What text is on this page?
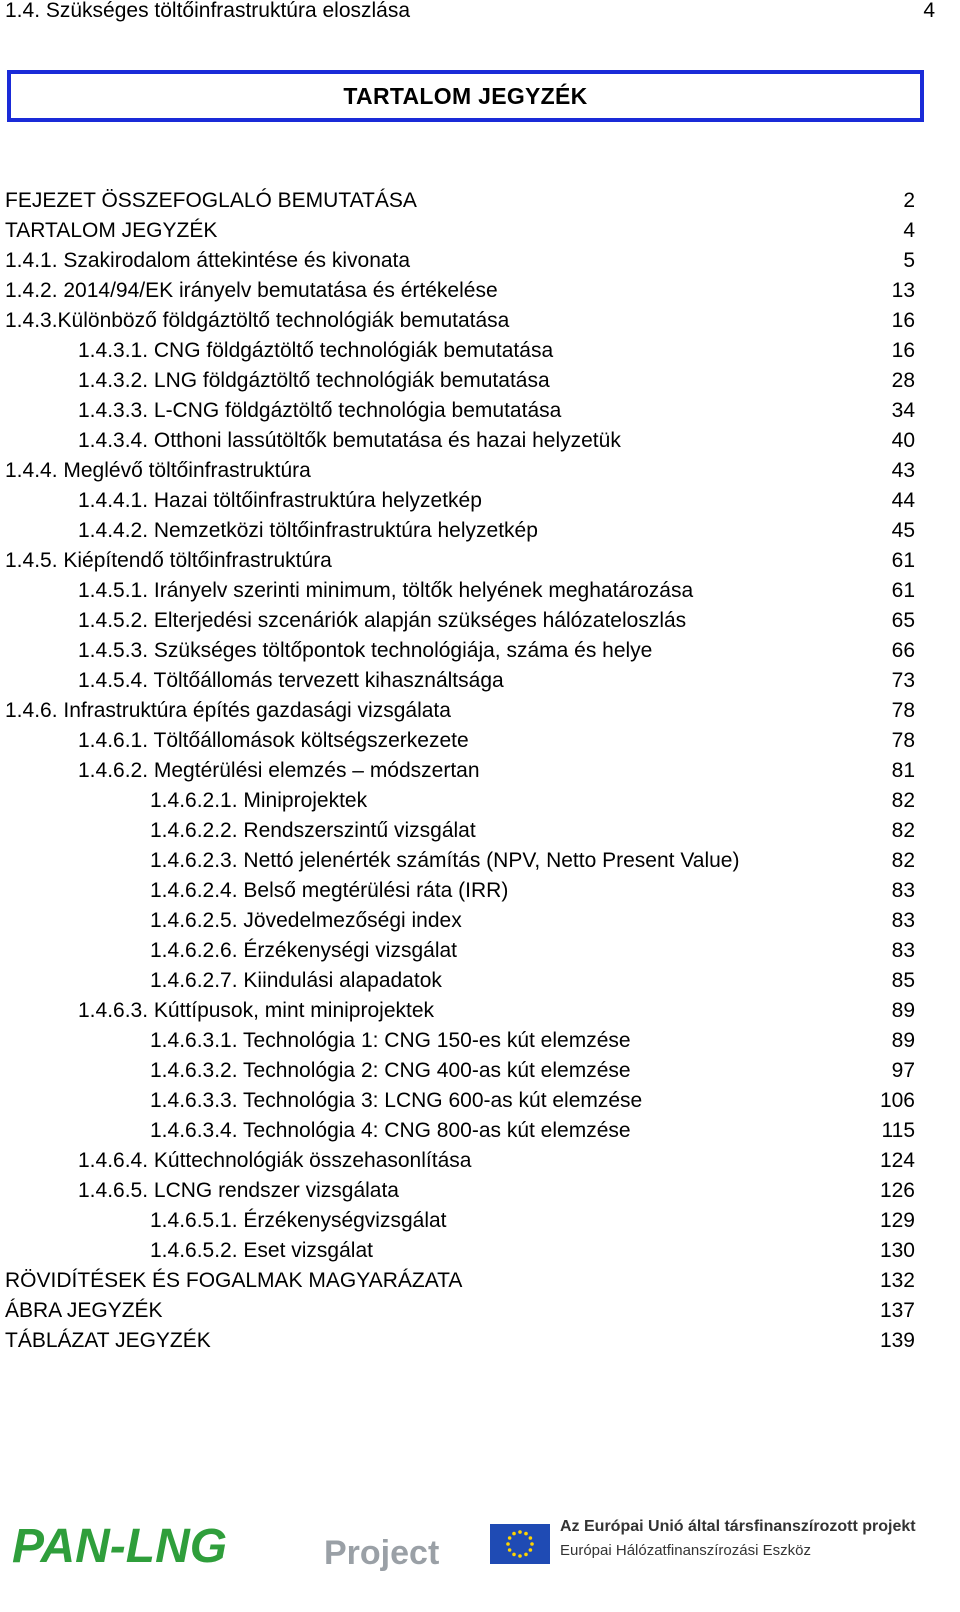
1.4. Szükséges töltőinfrastruktúra eloszlása	4
TARTALOM JEGYZÉK
FEJEZET ÖSSZEFOGLALÓ BEMUTATÁSA	2
TARTALOM JEGYZÉK	4
1.4.1. Szakirodalom áttekintése és kivonata	5
1.4.2. 2014/94/EK irányelv bemutatása és értékelése	13
1.4.3.Különböző földgáztöltő technológiák bemutatása	16
1.4.3.1. CNG földgáztöltő technológiák bemutatása	16
1.4.3.2. LNG földgáztöltő technológiák bemutatása	28
1.4.3.3. L-CNG földgáztöltő technológia bemutatása	34
1.4.3.4. Otthoni lassútöltők bemutatása és hazai helyzetük	40
1.4.4. Meglévő töltőinfrastruktúra	43
1.4.4.1. Hazai töltőinfrastruktúra helyzetkép	44
1.4.4.2. Nemzetközi töltőinfrastruktúra helyzetkép	45
1.4.5. Kiépítendő töltőinfrastruktúra	61
1.4.5.1. Irányelv szerinti minimum, töltők helyének meghatározása	61
1.4.5.2. Elterjedési szcenáriók alapján szükséges hálózateloszlás	65
1.4.5.3. Szükséges töltőpontok technológiája, száma és helye	66
1.4.5.4. Töltőállomás tervezett kihasználtsága	73
1.4.6. Infrastruktúra építés gazdasági vizsgálata	78
1.4.6.1. Töltőállomások költségszerkezete	78
1.4.6.2. Megtérülési elemzés – módszertan	81
1.4.6.2.1. Miniprojektek	82
1.4.6.2.2. Rendszerszintű vizsgálat	82
1.4.6.2.3. Nettó jelenérték számítás (NPV, Netto Present Value)	82
1.4.6.2.4. Belső megtérülési ráta (IRR)	83
1.4.6.2.5. Jövedelmezőségi index	83
1.4.6.2.6. Érzékenységi vizsgálat	83
1.4.6.2.7. Kiindulási alapadatok	85
1.4.6.3. Kúttípusok, mint miniprojektek	89
1.4.6.3.1. Technológia 1: CNG 150-es kút elemzése	89
1.4.6.3.2. Technológia 2: CNG 400-as kút elemzése	97
1.4.6.3.3. Technológia 3: LCNG 600-as kút elemzése	106
1.4.6.3.4. Technológia 4: CNG 800-as kút elemzése	115
1.4.6.4. Kúttechnológiák összehasonlítása	124
1.4.6.5. LCNG rendszer vizsgálata	126
1.4.6.5.1. Érzékenységvizsgálat	129
1.4.6.5.2. Eset vizsgálat	130
RÖVIDÍTÉSEK ÉS FOGALMAK MAGYARÁZATA	132
ÁBRA JEGYZÉK	137
TÁBLÁZAT JEGYZÉK	139
PAN-LNG	Project
Az Európai Unió által társfinanszírozott projekt
Európai Hálózatfinanszírozási Eszköz
